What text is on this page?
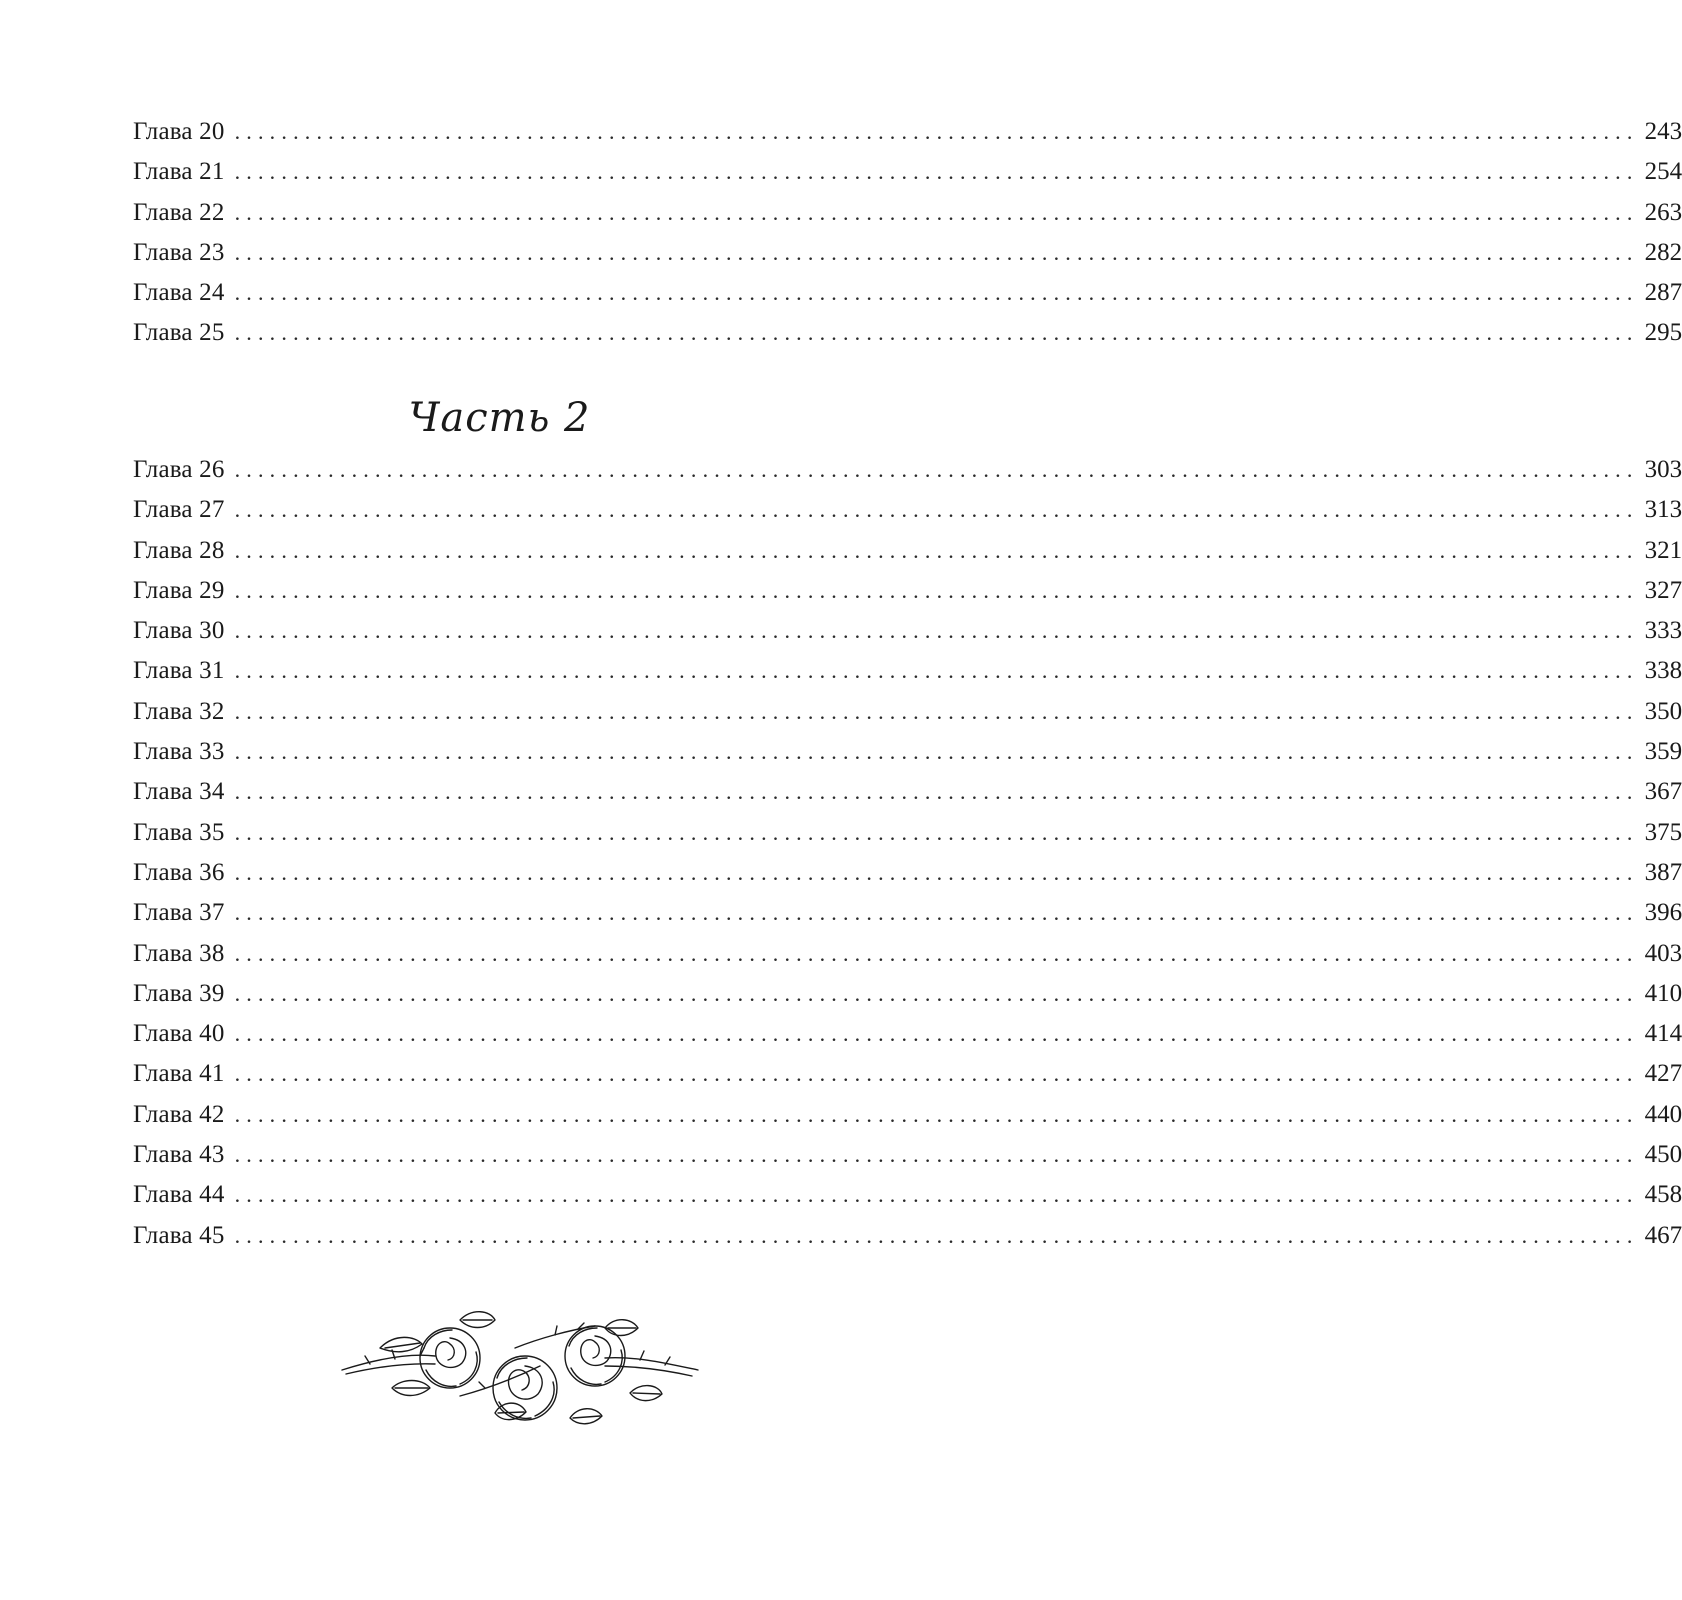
Глава 20 ........................................................................................................................ 243
Глава 21 ........................................................................................................................ 254
Глава 22 ........................................................................................................................ 263
Глава 23 ........................................................................................................................ 282
Глава 24 ........................................................................................................................ 287
Глава 25 ........................................................................................................................ 295
Часть 2
Глава 26 ........................................................................................................................ 303
Глава 27 ........................................................................................................................ 313
Глава 28 ........................................................................................................................ 321
Глава 29 ........................................................................................................................ 327
Глава 30 ........................................................................................................................ 333
Глава 31 ........................................................................................................................ 338
Глава 32 ........................................................................................................................ 350
Глава 33 ........................................................................................................................ 359
Глава 34 ........................................................................................................................ 367
Глава 35 ........................................................................................................................ 375
Глава 36 ........................................................................................................................ 387
Глава 37 ........................................................................................................................ 396
Глава 38 ........................................................................................................................ 403
Глава 39 ........................................................................................................................ 410
Глава 40 ........................................................................................................................ 414
Глава 41 ........................................................................................................................ 427
Глава 42 ........................................................................................................................ 440
Глава 43 ........................................................................................................................ 450
Глава 44 ........................................................................................................................ 458
Глава 45 ........................................................................................................................ 467
